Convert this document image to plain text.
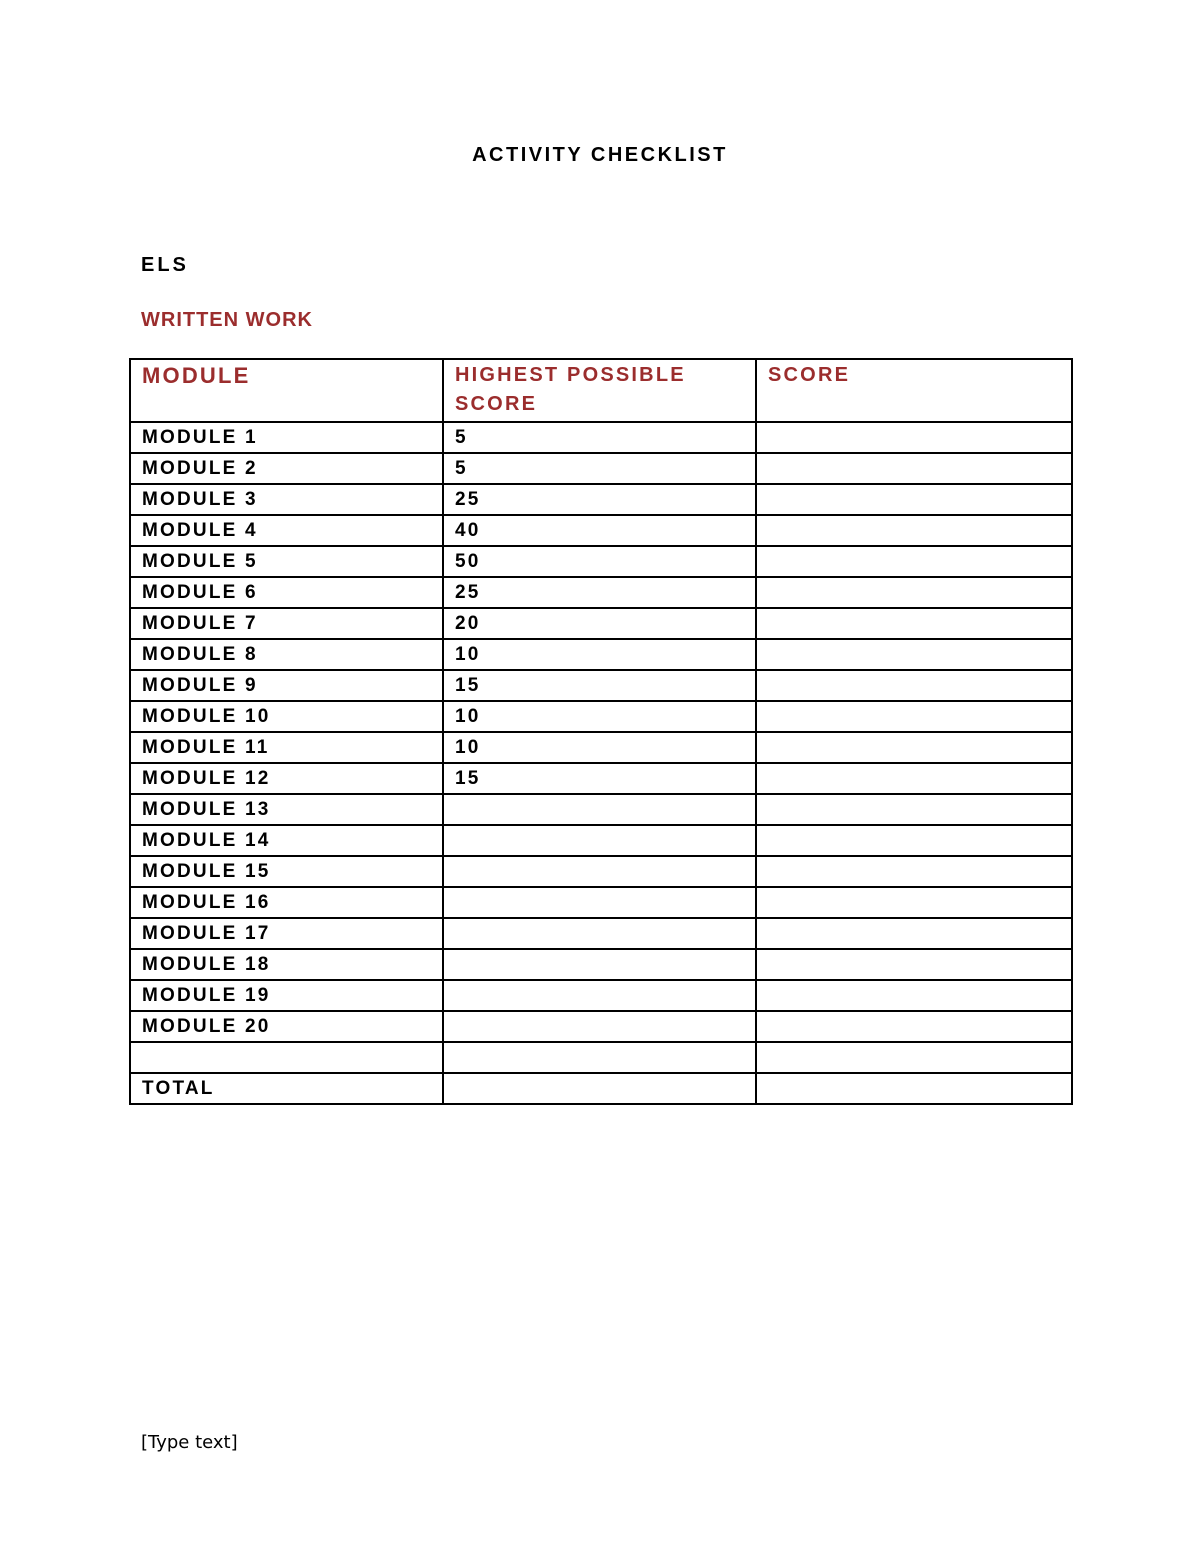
ACTIVITY CHECKLIST
ELS
WRITTEN WORK
MODULE	HIGHEST POSSIBLE SCORE	SCORE
MODULE 1	5	
MODULE 2	5	
MODULE 3	25	
MODULE 4	40	
MODULE 5	50	
MODULE 6	25	
MODULE 7	20	
MODULE 8	10	
MODULE 9	15	
MODULE 10	10	
MODULE 11	10	
MODULE 12	15	
MODULE 13		
MODULE 14		
MODULE 15		
MODULE 16		
MODULE 17		
MODULE 18		
MODULE 19		
MODULE 20		

TOTAL		
[Type text]
